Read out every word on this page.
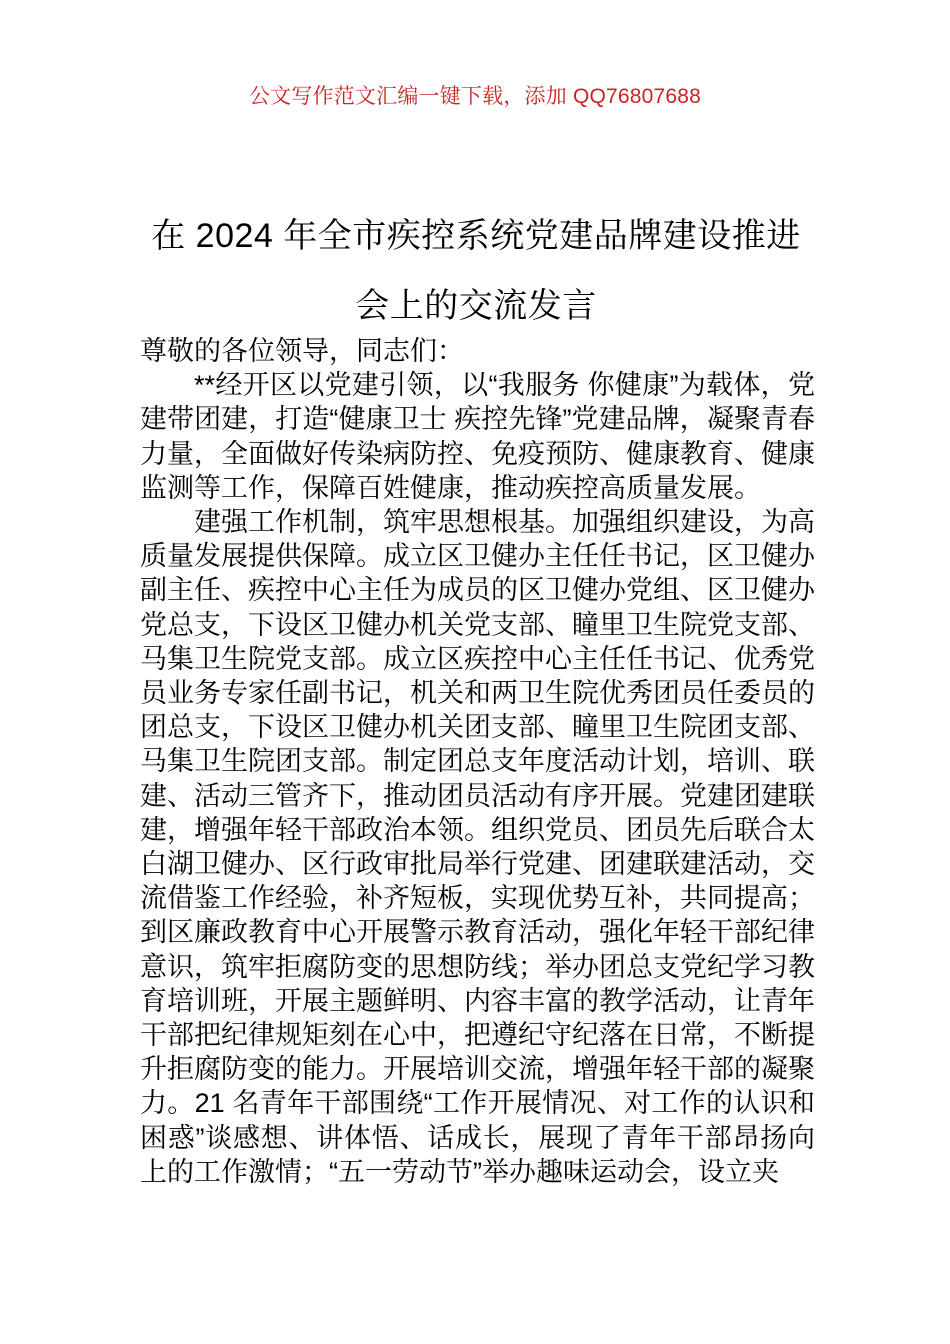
公文写作范文汇编一键下载，添加 QQ76807688
在 2024 年全市疾控系统党建品牌建设推进
会上的交流发言

尊敬的各位领导，同志们：

**经开区以党建引领，以“我服务 你健康”为载体，党建带团建，打造“健康卫士 疾控先锋”党建品牌，凝聚青春力量，全面做好传染病防控、免疫预防、健康教育、健康监测等工作，保障百姓健康，推动疾控高质量发展。

建强工作机制，筑牢思想根基。加强组织建设，为高质量发展提供保障。成立区卫健办主任任书记，区卫健办副主任、疾控中心主任为成员的区卫健办党组、区卫健办党总支，下设区卫健办机关党支部、瞳里卫生院党支部、马集卫生院党支部。成立区疾控中心主任任书记、优秀党员业务专家任副书记，机关和两卫生院优秀团员任委员的团总支，下设区卫健办机关团支部、瞳里卫生院团支部、马集卫生院团支部。制定团总支年度活动计划，培训、联建、活动三管齐下，推动团员活动有序开展。党建团建联建，增强年轻干部政治本领。组织党员、团员先后联合太白湖卫健办、区行政审批局举行党建、团建联建活动，交流借鉴工作经验，补齐短板，实现优势互补，共同提高；到区廉政教育中心开展警示教育活动，强化年轻干部纪律意识，筑牢拒腐防变的思想防线；举办团总支党纪学习教育培训班，开展主题鲜明、内容丰富的教学活动，让青年干部把纪律规矩刻在心中，把遵纪守纪落在日常，不断提升拒腐防变的能力。开展培训交流，增强年轻干部的凝聚力。21 名青年干部围绕“工作开展情况、对工作的认识和困惑”谈感想、讲体悟、话成长，展现了青年干部昂扬向上的工作激情；“五一劳动节”举办趣味运动会，设立夹
